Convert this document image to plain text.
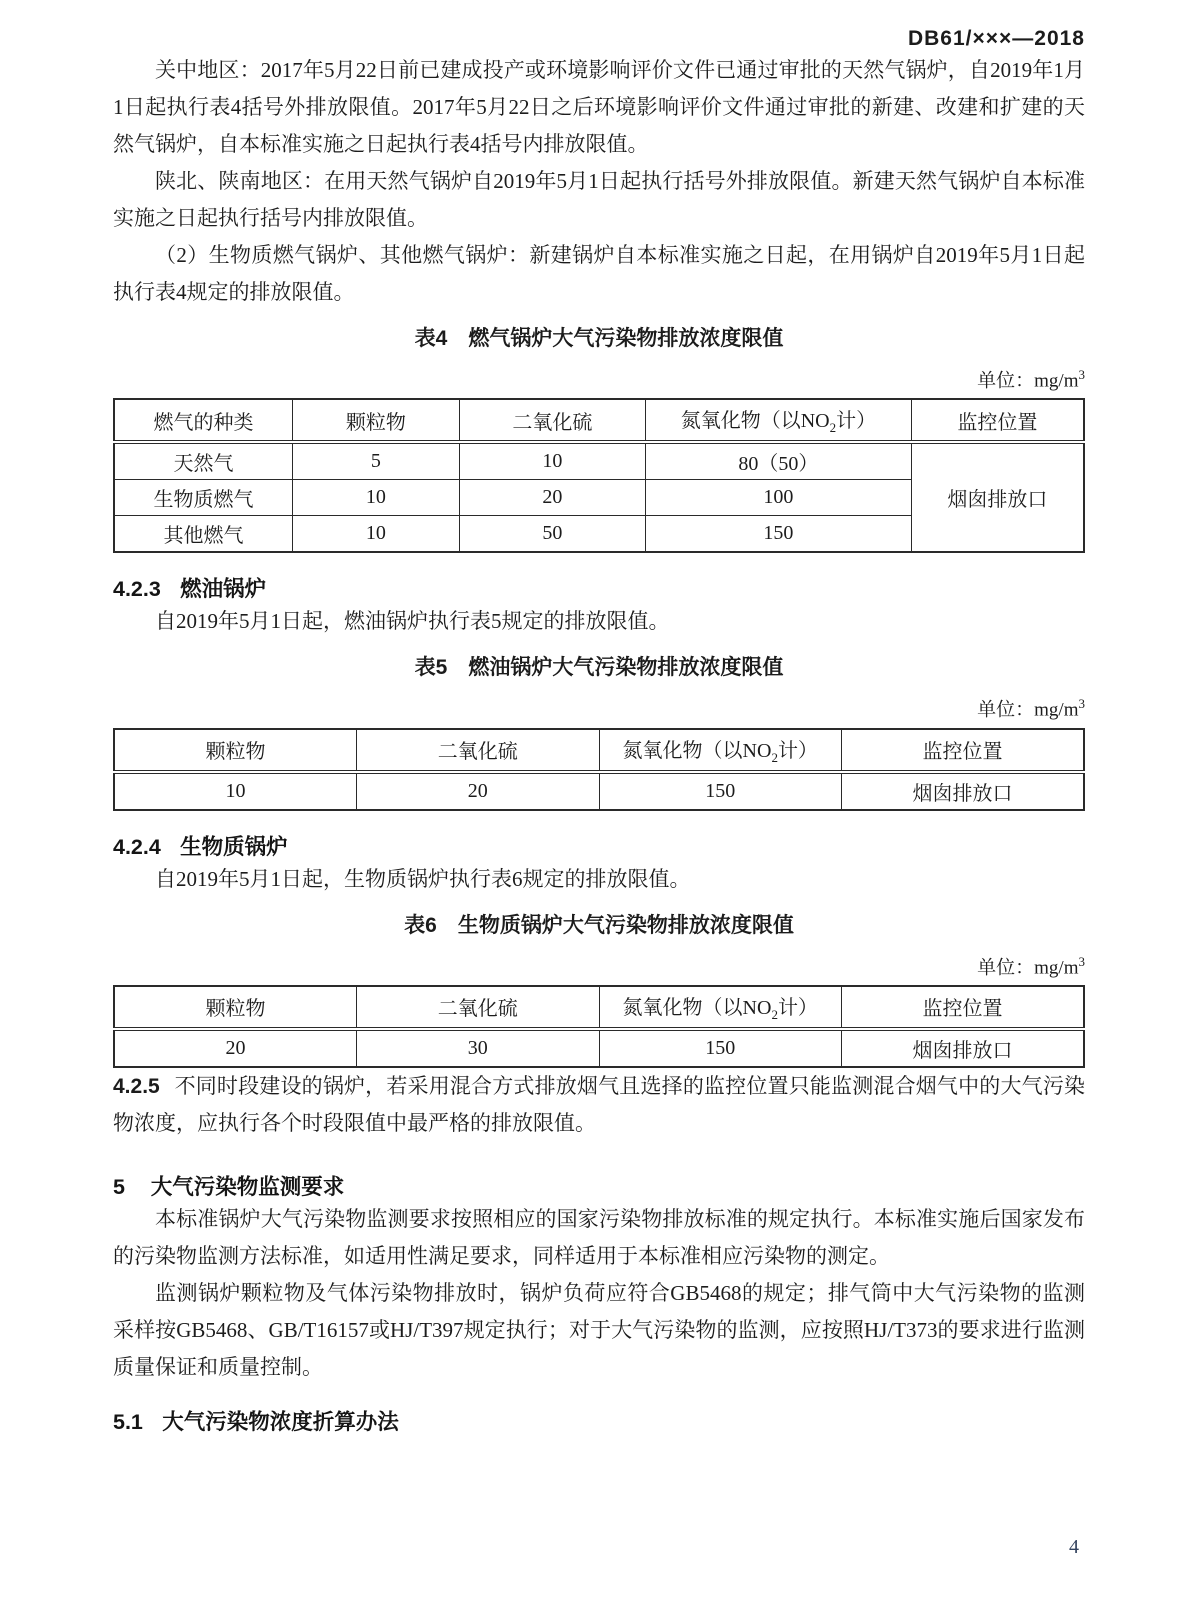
DB61/×××—2018

关中地区：2017年5月22日前已建成投产或环境影响评价文件已通过审批的天然气锅炉，自2019年1月1日起执行表4括号外排放限值。2017年5月22日之后环境影响评价文件通过审批的新建、改建和扩建的天然气锅炉，自本标准实施之日起执行表4括号内排放限值。

陕北、陕南地区：在用天然气锅炉自2019年5月1日起执行括号外排放限值。新建天然气锅炉自本标准实施之日起执行括号内排放限值。

（2）生物质燃气锅炉、其他燃气锅炉：新建锅炉自本标准实施之日起，在用锅炉自2019年5月1日起执行表4规定的排放限值。

表4　燃气锅炉大气污染物排放浓度限值
单位：$mg/m^3$
燃气的种类	颗粒物	二氧化硫	氮氧化物（以$NO_2$计）	监控位置
天然气	5	10	80（50）	烟囱排放口
生物质燃气	10	20	100	
其他燃气	10	50	150	
4.2.3 燃油锅炉

自2019年5月1日起，燃油锅炉执行表5规定的排放限值。

表5　燃油锅炉大气污染物排放浓度限值
单位：$mg/m^3$
颗粒物	二氧化硫	氮氧化物（以$NO_2$计）	监控位置
10	20	150	烟囱排放口
4.2.4 生物质锅炉

自2019年5月1日起，生物质锅炉执行表6规定的排放限值。

表6　生物质锅炉大气污染物排放浓度限值
单位：$mg/m^3$
颗粒物	二氧化硫	氮氧化物（以$NO_2$计）	监控位置
20	30	150	烟囱排放口

4.2.5 不同时段建设的锅炉，若采用混合方式排放烟气且选择的监控位置只能监测混合烟气中的大气污染物浓度，应执行各个时段限值中最严格的排放限值。

5 大气污染物监测要求

本标准锅炉大气污染物监测要求按照相应的国家污染物排放标准的规定执行。本标准实施后国家发布的污染物监测方法标准，如适用性满足要求，同样适用于本标准相应污染物的测定。

监测锅炉颗粒物及气体污染物排放时，锅炉负荷应符合GB5468的规定；排气筒中大气污染物的监测采样按GB5468、GB/T16157或HJ/T397规定执行；对于大气污染物的监测，应按照HJ/T373的要求进行监测质量保证和质量控制。

5.1 大气污染物浓度折算办法
4
